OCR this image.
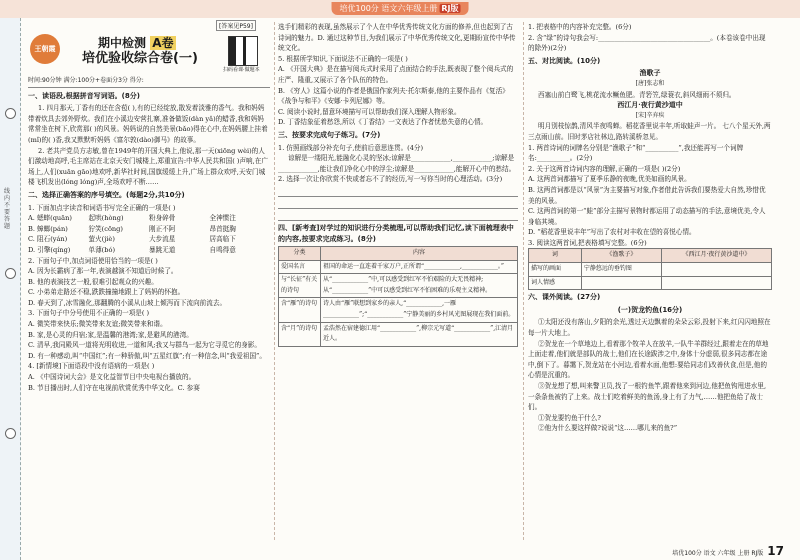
培优100分 语文六年级上册 RJ版
[答案见P59]
线内不要答题
王朝霞	期中检测 A卷
培优验收综合卷(一)
扫码看课·做题本
时间:90分钟 满分:100分+卷面分3分 得分:

一、读语段,根据拼音写词语。(8分)

1. 四月那天,丁香有的还在含苞( ),有的已经绽放,散发着淡雅的香气。我和妈妈带着炊具去郊外野炊。我们在小溪边安营扎寨,准备做饭(dàn yǎ)的蜡香,我和妈妈常常坐在树下,欣赏那( )的风景。妈妈说的自然美景(bǎo)得在心中,在妈妈腰上挂着(mǐ)的( )香,我又默默听妈妈《富尔敦(dào)御马》的故事。

2. 老共产党员方志敏,曾在1949年的开国大典上,他说,那一天(xiōng wèi)的人们激动地高呼,毛主席站在北京天安门城楼上,郑重宣告:中华人民共和国( )声响,在广场上,人们(xuān gāo)地欢呼,新华社时间,国旗缓缓上升,广场上群众欢呼,天安门城楼飞机发出(lóng lóng)声,全场欢呼不断……

二、选择正确答案的序号填空。(每题2分,共10分)

1. 下面加点字读音和词语书写完全正确的一项是( )

A. 蟋蟀(quān)	起哄(hòng)	粉身碎骨	全神惯注
B. 蟑螂(pán)	狞笑(cōng)	刚正不阿	昂首挺胸
C. 阻石(yán)	萤火(jiè)	大步流星	居高临下
D. 引擎(qíng)	单薄(bó)	暴跳无道	自鸣得意

2. 下面句子中,加点词语使用恰当的一项是( )

A. 因为长霸病了那一年,表演越演不知道后时候了。

B. 他的表演技艺一般,很难引起观众的兴趣。

C. 小弟弟走路还不稳,跌跌撞撞地跟上了妈妈的怀抱。

D. 春天到了,冰雪融化,那翻腾的小溪从山坡上倾泻而下流向前流去。

3. 下面句子中分号使用不正确的一项是( )

A. 微笑带来快乐;微笑带来友谊;微笑带来和谐。

B. 家,是心灵的归宿;家,是温馨的港湾;家,是避风的港湾。

C. 清早,我同殿风一道将光明收进,一道和风;我又与群鸟一起为它寻觅它的身影。

D. 有一种感动,叫“中国红”;有一种骄傲,叫“五星红旗”;有一种信念,叫“我爱祖国”。

4. [新情境]下面语段中没有语病的一项是( )

A. 《中国诗词大会》是文化益智节目中央电视台播放的。

B. 节目播出时,人们守在电视前欣赏优秀中华文化。C. 参赛

选手们精彩的表现,虽然展示了个人在中华优秀传统文化方面的修养,但也起到了古诗词的魅力。D. 通过这种节目,为我们展示了中华优秀传统文化,更期盼宣传中华传统文化。

5. 根据所学知识,下面说法不正确的一项是( )

A. 《开国大典》是在描写阅兵式时采用了点面结合的手法,既表现了整个阅兵式的庄严、隆重,又展示了各个队伍的特色。

B. 《穷人》这篇小说的作者是俄国作家列夫·托尔斯泰,他的主要作品有《复活》《战争与和平》《安娜·卡列尼娜》等。

C. 阅读小说时,留意环境描写可以帮助我们深入理解人物形象。

D. 丁香结象征着愁怨,所以《丁香结》一文表达了作者忧愁失意的心情。

三、按要求完成句子练习。(7分)

1. 仿照画线部分补充句子,使前后意思连贯。(4分)

谅解是一缕阳光,能融化心灵的坚冰;谅解是____________,____________;谅解是____________,能让我们净化心中的浮尘;谅解是____________,能解开心中的愁结。

2. 选择一次让你欣赏不快或者忘不了的经历,写一写你当时的心理活动。(3分)

四、[新考查]对学过的知识进行分类梳理,可以帮助我们记忆,读下面梳理表中的内容,按要求完成练习。(8分)

分类	内容
爱国名言	祖国的命运一直连着千家万户,正所谓“____________,____________。”
与“长征”有关的诗句	从“____________”中,可以感受到红军不怕艰险的大无畏精神;从“____________”中可以感受到红军不怕困难的乐观主义精神。
含“雁”的诗句	诗人由“雁”联想到家乡的亲人,“____________,一雁____________”;“____________”宁静美丽的乡村风光图展现在我们面前。
含“月”的诗句	孟浩然在宿建德江用“____________”,柳宗元写道“____________”,江清月近人。

1. 把表格中的内容补充完整。(6分)

2. 含“绿”的诗句我会写:__________________________________。(本卷该卷中出现的除外)(2分)

五、对比阅读。(10分)

渔歌子

[唐]张志和

西塞山前白鹭飞,桃花流水鳜鱼肥。青箬笠,绿蓑衣,斜风细雨不须归。

西江月·夜行黄沙道中

[宋]辛弃疾

明月别枝惊鹊,清风半夜鸣蝉。稻花香里说丰年,听取蛙声一片。 七八个星天外,两三点雨山前。旧时茅店社林边,路转溪桥忽见。

1. 两首诗词的词牌名分别是“渔歌子”和“__________”,我还能再写一个词牌名:__________。(2分)

2. 关于这两首诗词内容的理解,正确的一项是( )(2分)

A. 这两首词都描写了夏季乐静的夜晚,优美如画的风景。

B. 这两首词都是以“风景”为主要描写对象,作者借此告诉我们要热爱大自然,珍惜优美的风景。

C. 这两首词的第一“蛙”部分主描写景物时都运用了动态描写的手法,意境优美,令人身临其境。

D. “稻花香里说丰年”写出了农村对丰收在望的喜悦心情。

3. 阅读这两首词,把表格填写完整。(6分)

词	《渔歌子》	《西江月·夜行黄沙道中》
描写的画面	宁静悠远的垂钓图	
词人情感		

六、课外阅读。(27分)

(一)贺龙钓鱼(16分)

①太阳还没有落山,夕阳的余光,透过天边飘着的朵朵云彩,投射下来,红闪闪地照在每一片大地上。

②贺龙在一个草地边上,看着那个牧羊人在放羊,一队牛羊群经过,跟着走在的草地上面走着,他们就是部队的战士,他们在长途跋涉之中,身体十分虚弱,很多同志都在途中,倒下了。暮霭下,贺龙站在小河边,看着水面,他想:要给同志们改善伙食,但是,他的心情是沉重的。

③贺龙想了想,叫来警卫员,找了一根钓鱼竿,跟着他来到河边,他把鱼钩甩进水里,一条条鱼被钓了上来。战士们吃着鲜美的鱼汤,身上有了力气,……他把鱼给了战士们。

①贺龙要钓鱼干什么?

②他为什么要这样做?说说“这……哪儿来的鱼?”

培优100分 语文 六年级 上册 RJ版 17
